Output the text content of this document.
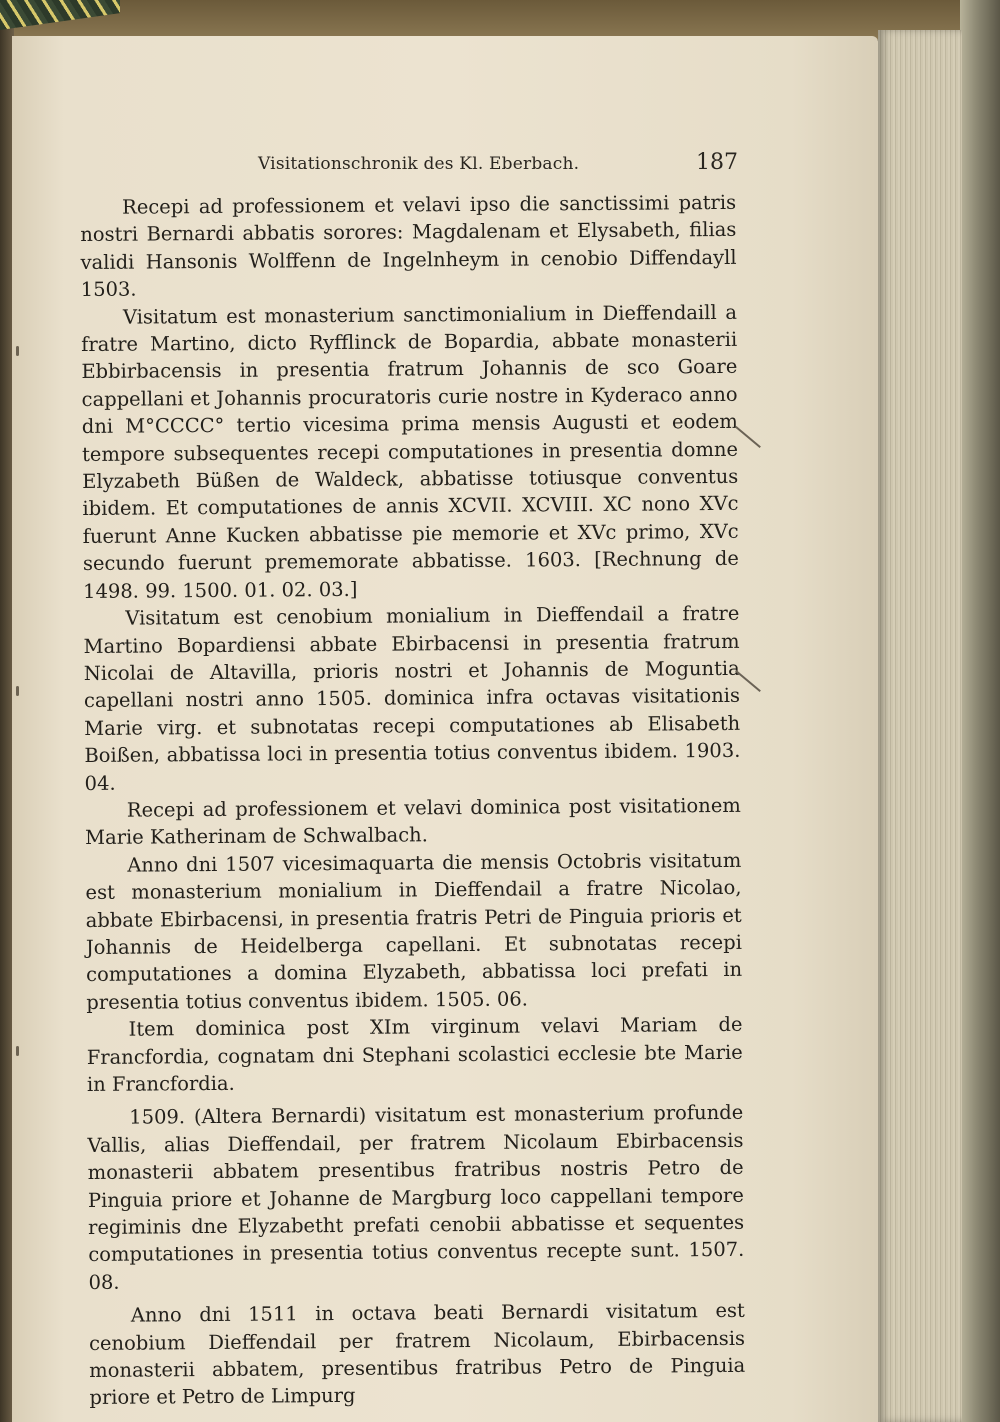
Visitationschronik des Kl. Eberbach.	187

Recepi ad professionem et velavi ipso die sanctissimi patris nostri Bernardi abbatis sorores: Magdalenam et Elysabeth, filias validi Hansonis Wolffenn de Ingelnheym in cenobio Diffendayll 1503.

Visitatum est monasterium sanctimonialium in Dieffendaill a fratre Martino, dicto Ryfflinck de Bopardia, abbate monasterii Ebbirbacensis in presentia fratrum Johannis de sco Goare cappellani et Johannis procuratoris curie nostre in Kyderaco anno dni M°CCCC° tertio vicesima prima mensis Augusti et eodem tempore subsequentes recepi computationes in presentia domne Elyzabeth Büßen de Waldeck, abbatisse totiusque conventus ibidem. Et computationes de annis XCVII. XCVIII. XC nono XVc fuerunt Anne Kucken abbatisse pie memorie et XVc primo, XVc secundo fuerunt prememorate abbatisse. 1603. [Rechnung de 1498. 99. 1500. 01. 02. 03.]

Visitatum est cenobium monialium in Dieffendail a fratre Martino Bopardiensi abbate Ebirbacensi in presentia fratrum Nicolai de Altavilla, prioris nostri et Johannis de Moguntia capellani nostri anno 1505. dominica infra octavas visitationis Marie virg. et subnotatas recepi computationes ab Elisabeth Boißen, abbatissa loci in presentia totius conventus ibidem. 1903. 04.

Recepi ad professionem et velavi dominica post visitationem Marie Katherinam de Schwalbach.

Anno dni 1507 vicesimaquarta die mensis Octobris visitatum est monasterium monialium in Dieffendail a fratre Nicolao, abbate Ebirbacensi, in presentia fratris Petri de Pinguia prioris et Johannis de Heidelberga capellani. Et subnotatas recepi computationes a domina Elyzabeth, abbatissa loci prefati in presentia totius conventus ibidem. 1505. 06.

Item dominica post XIm virginum velavi Mariam de Francfordia, cognatam dni Stephani scolastici ecclesie bte Marie in Francfordia.

1509. (Altera Bernardi) visitatum est monasterium profunde Vallis, alias Dieffendail, per fratrem Nicolaum Ebirbacensis monasterii abbatem presentibus fratribus nostris Petro de Pinguia priore et Johanne de Margburg loco cappellani tempore regiminis dne Elyzabetht prefati cenobii abbatisse et sequentes computationes in presentia totius conventus recepte sunt. 1507. 08.

Anno dni 1511 in octava beati Bernardi visitatum est cenobium Dieffendail per fratrem Nicolaum, Ebirbacensis monasterii abbatem, presentibus fratribus Petro de Pinguia priore et Petro de Limpurg
